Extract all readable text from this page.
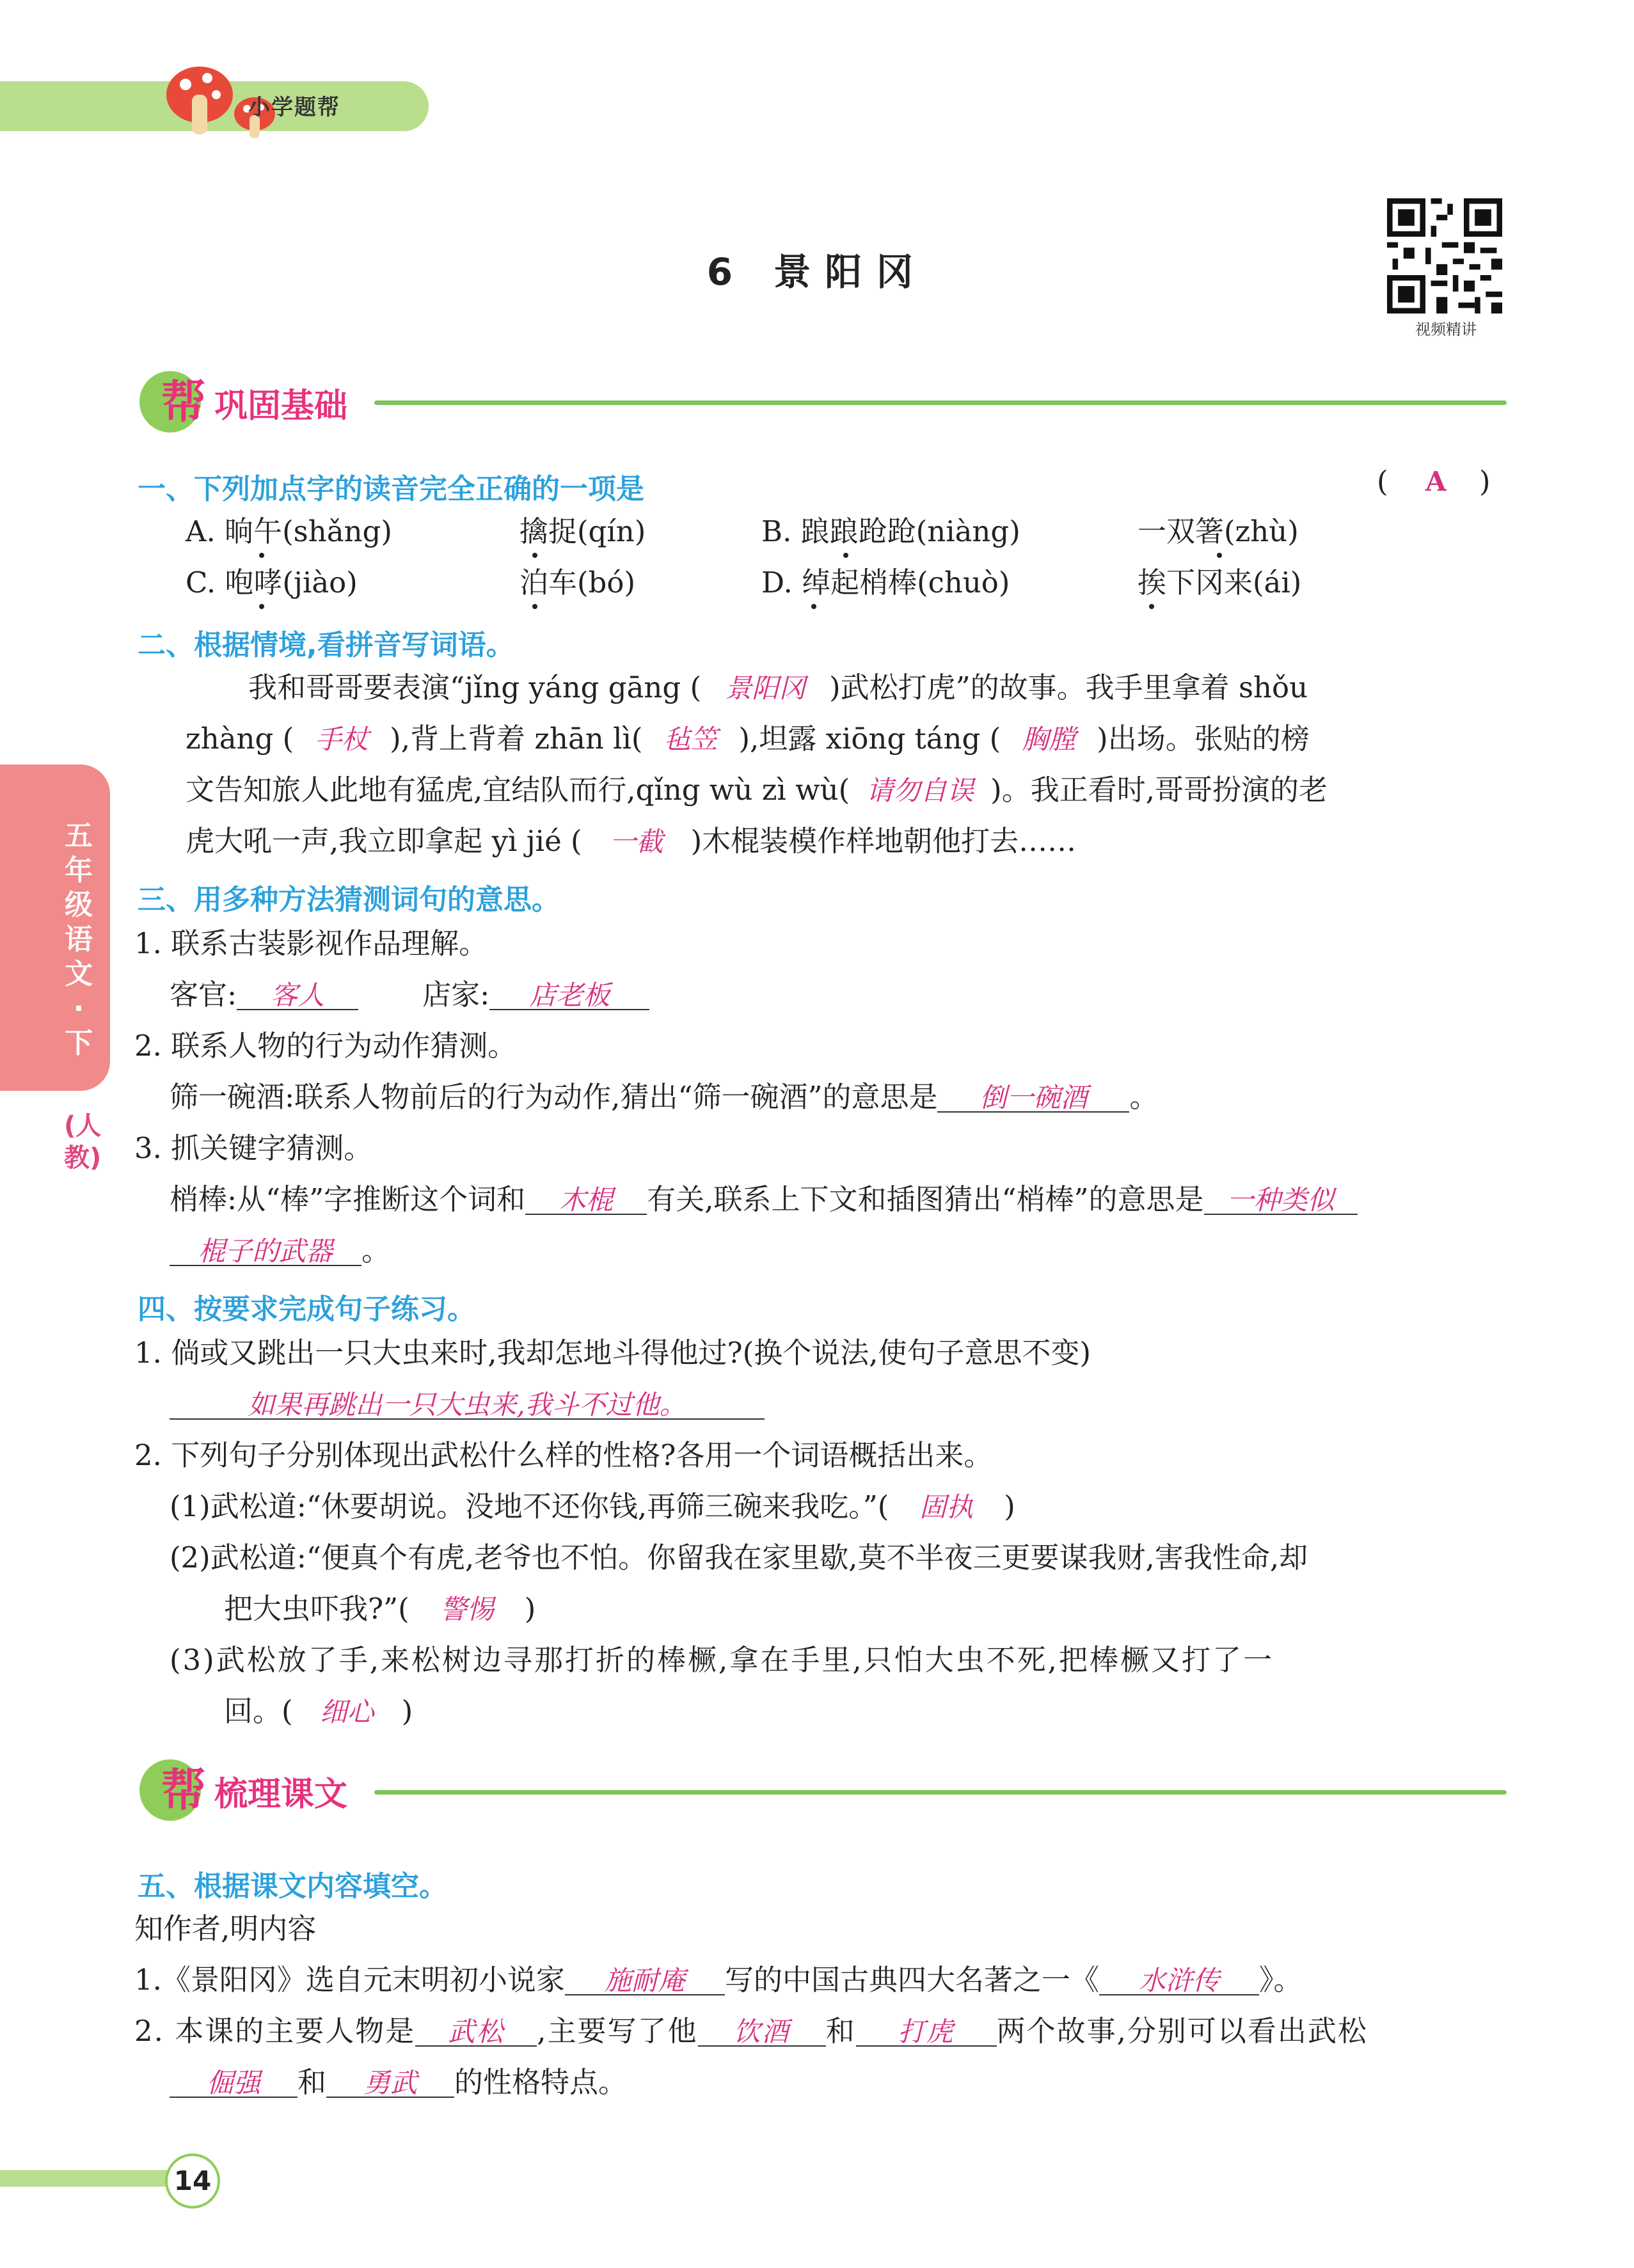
小学题帮
6 景阳冈
视频精讲
帮 巩固基础
一、下列加点字的读音完全正确的一项是	( A )
A. 晌午(shǎng)	擒捉(qín)	B. 踉踉跄跄(niàng)	一双箸(zhù)
C. 咆哮(jiào)	泊车(bó)	D. 绰起梢棒(chuò)	挨下冈来(ái)
二、根据情境,看拼音写词语。
我和哥哥要表演“jǐng yáng gāng ( 景阳冈 )武松打虎”的故事。我手里拿着 shǒu
zhàng ( 手杖 ),背上背着 zhān lì( 毡笠 ),坦露 xiōng táng ( 胸膛 )出场。张贴的榜
文告知旅人此地有猛虎,宜结队而行,qǐng wù zì wù( 请勿自误 )。我正看时,哥哥扮演的老
虎大吼一声,我立即拿起 yì jié ( 一截 )木棍装模作样地朝他打去……
三、用多种方法猜测词句的意思。
1. 联系古装影视作品理解。
客官: 客人	店家: 店老板
2. 联系人物的行为动作猜测。
筛一碗酒:联系人物前后的行为动作,猜出“筛一碗酒”的意思是 倒一碗酒 。
3. 抓关键字猜测。
梢棒:从“棒”字推断这个词和 木棍 有关,联系上下文和插图猜出“梢棒”的意思是 一种类似
棍子的武器 。
四、按要求完成句子练习。
1. 倘或又跳出一只大虫来时,我却怎地斗得他过?(换个说法,使句子意思不变)
如果再跳出一只大虫来,我斗不过他。
2. 下列句子分别体现出武松什么样的性格?各用一个词语概括出来。
(1)武松道:“休要胡说。没地不还你钱,再筛三碗来我吃。”( 固执 )
(2)武松道:“便真个有虎,老爷也不怕。你留我在家里歇,莫不半夜三更要谋我财,害我性命,却
把大虫吓我?”( 警惕 )
(3)武松放了手,来松树边寻那打折的棒橛,拿在手里,只怕大虫不死,把棒橛又打了一
回。( 细心 )
帮 梳理课文
五、根据课文内容填空。
知作者,明内容
1.《景阳冈》选自元末明初小说家 施耐庵 写的中国古典四大名著之一《 水浒传 》。
2. 本课的主要人物是 武松 ,主要写了他 饮酒 和 打虎 两个故事,分别可以看出武松
倔强 和 勇武 的性格特点。
五年级语文·下
(人教)
14
